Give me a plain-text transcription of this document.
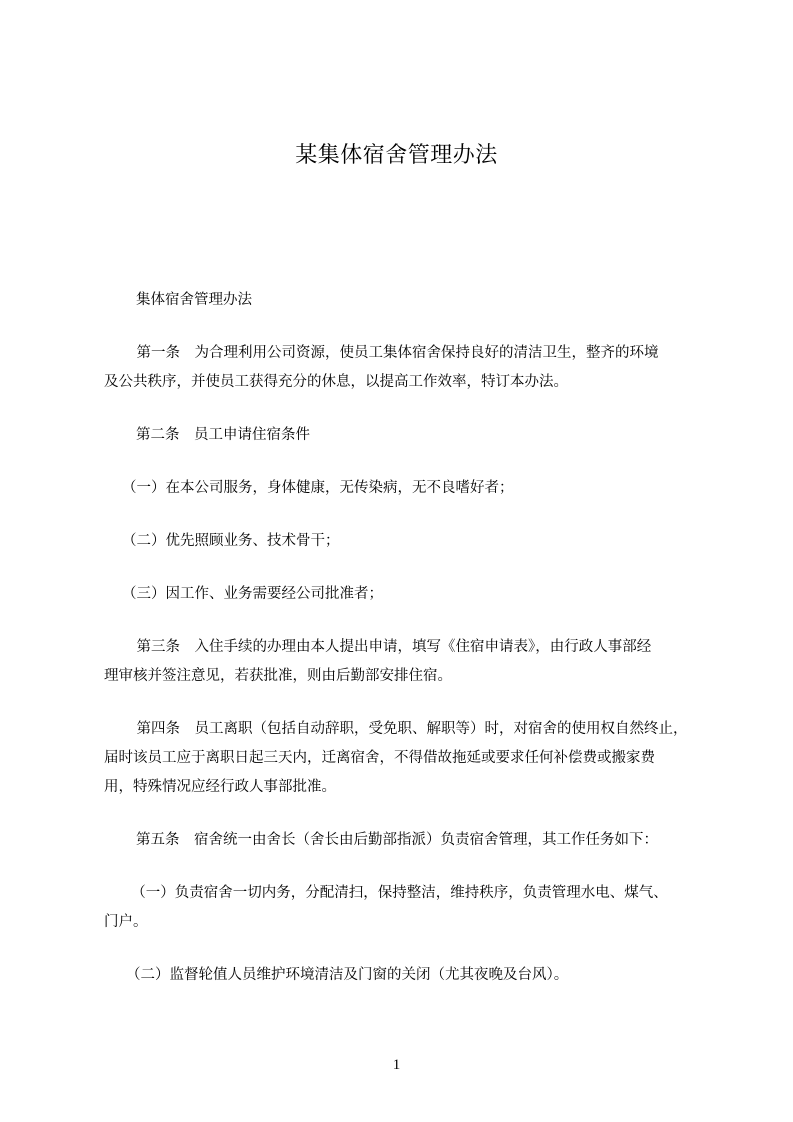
某集体宿舍管理办法
集体宿舍管理办法
　第一条　为合理利用公司资源，使员工集体宿舍保持良好的清洁卫生，整齐的环境
及公共秩序，并使员工获得充分的休息，以提高工作效率，特订本办法。
第二条　员工申请住宿条件
（一）在本公司服务，身体健康，无传染病，无不良嗜好者；
（二）优先照顾业务、技术骨干；
（三）因工作、业务需要经公司批准者；
　第三条　入住手续的办理由本人提出申请，填写《住宿申请表》，由行政人事部经
理审核并签注意见，若获批准，则由后勤部安排住宿。
　第四条　员工离职（包括自动辞职，受免职、解职等）时，对宿舍的使用权自然终止，
届时该员工应于离职日起三天内，迁离宿舍，不得借故拖延或要求任何补偿费或搬家费
用，特殊情况应经行政人事部批准。
第五条　宿舍统一由舍长（舍长由后勤部指派）负责宿舍管理，其工作任务如下：
　（一）负责宿舍一切内务，分配清扫，保持整洁，维持秩序，负责管理水电、煤气、
门户。
（二）监督轮值人员维护环境清洁及门窗的关闭（尤其夜晚及台风）。
1
